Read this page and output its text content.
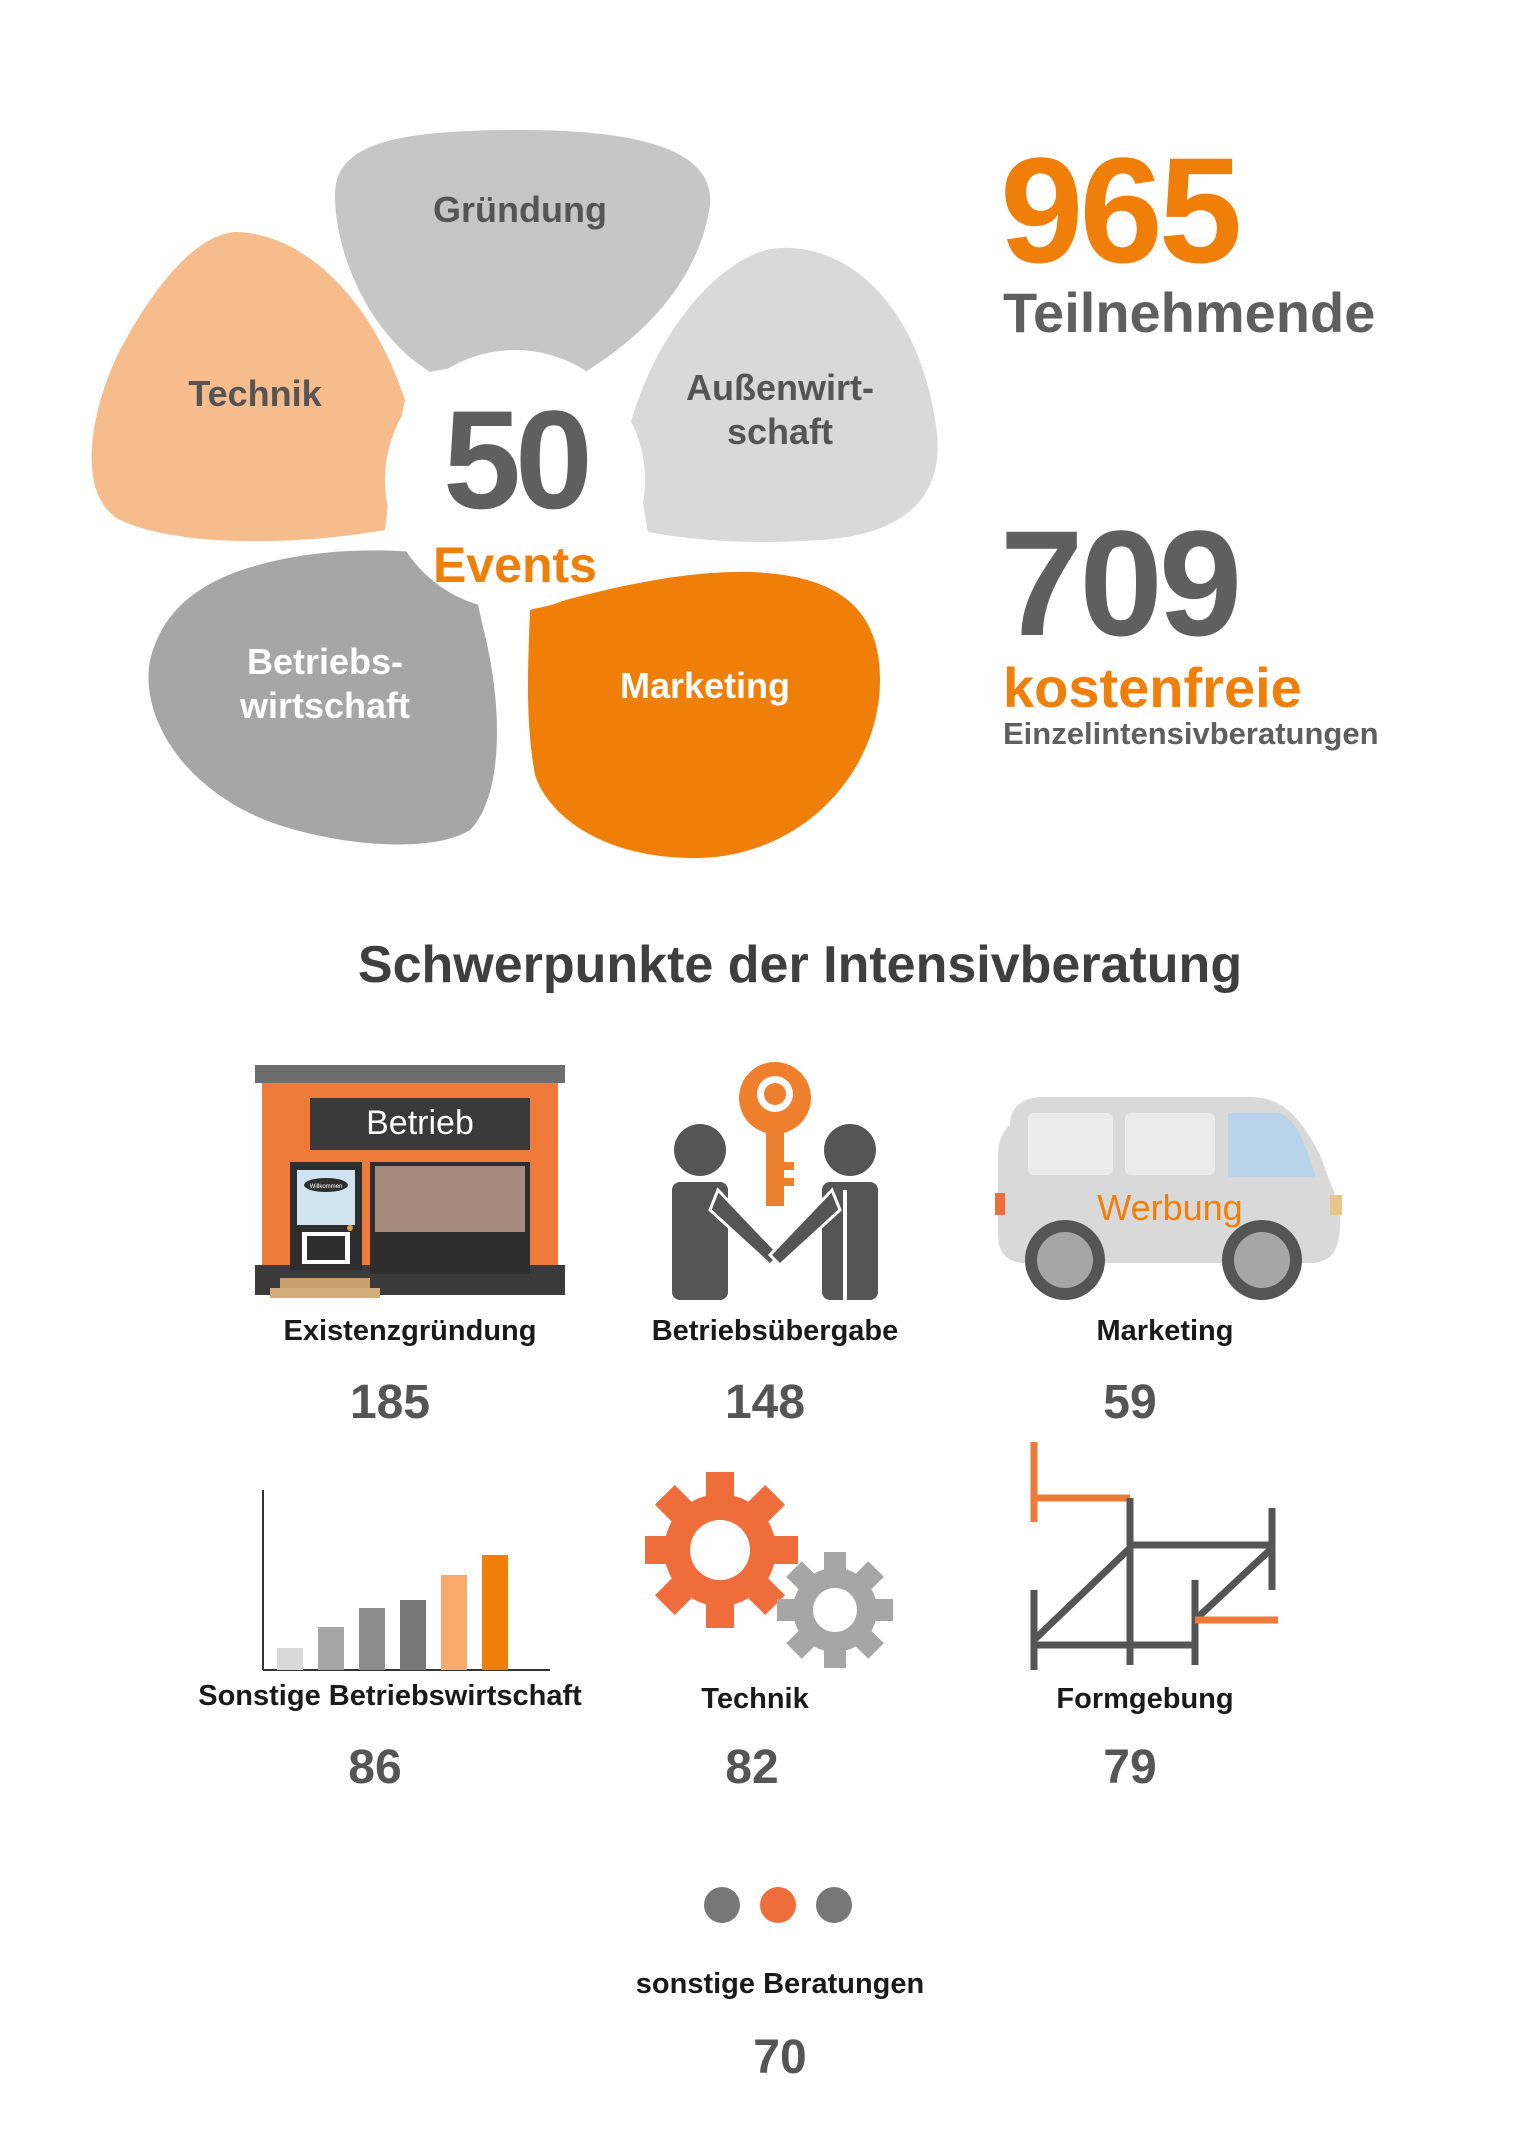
Gründung
Technik	Außenwirt-
schaft
Betriebs-
wirtschaft	Marketing
50
Events
965
Teilnehmende
709
kostenfreie
Einzelintensivberatungen
Schwerpunkte der Intensivberatung
Betrieb
Willkommen	Werbung
Existenzgründung
185
Betriebsübergabe
148
Marketing
59
Sonstige Betriebswirtschaft
86
Technik
82
Formgebung
79
sonstige Beratungen
70
